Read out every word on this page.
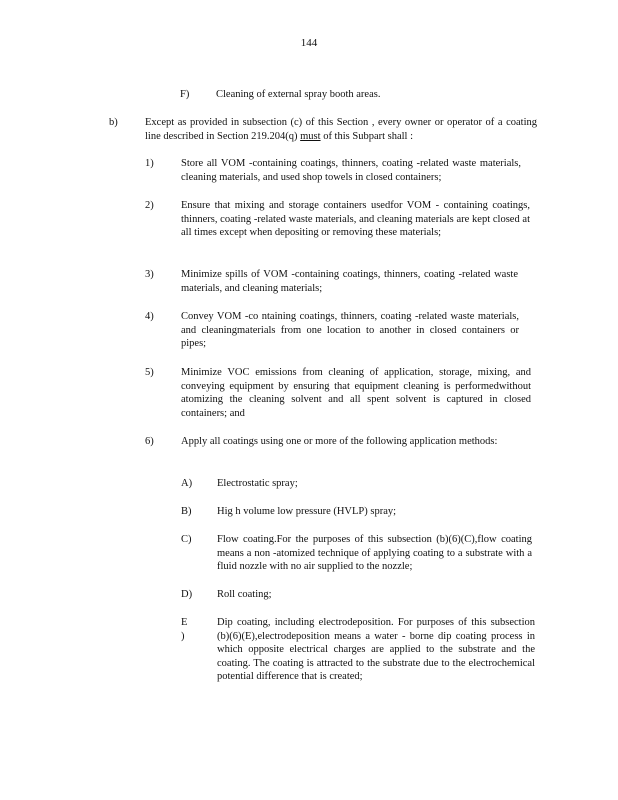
144
F)	Cleaning of external spray booth areas.
b)	Except as provided in subsection (c) of this Section , every owner or operator of a coating line described in Section 219.204(q) must of this Subpart shall :
1)	Store all VOM -containing coatings, thinners, coating -related waste materials, cleaning materials, and used shop towels in closed containers;
2)	Ensure that mixing and storage containers usedfor VOM - containing coatings, thinners, coating -related waste materials, and cleaning materials are kept closed at all times except when depositing or removing these materials;
3)	Minimize spills of VOM -containing coatings, thinners, coating -related waste materials, and cleaning materials;
4)	Convey VOM -co ntaining coatings, thinners, coating -related waste materials, and cleaningmaterials from one location to another in closed containers or pipes;
5)	Minimize VOC emissions from cleaning of application, storage, mixing, and conveying equipment by ensuring that equipment cleaning is performedwithout atomizing the cleaning solvent and all spent solvent is captured in closed containers; and
6)	Apply all coatings using one or more of the following application methods:
A) Electrostatic spray;
B) Hig h volume low pressure (HVLP) spray;
C) Flow coating.For the purposes of this subsection (b)(6)(C),flow coating means a non -atomized technique of applying coating to a substrate with a fluid nozzle with no air supplied to the nozzle;
D) Roll coating;
E )
Dip coating, including electrodeposition. For purposes of this subsection (b)(6)(E),electrodeposition means a water - borne dip coating process in which opposite electrical charges are applied to the substrate and the coating. The coating is attracted to the substrate due to the electrochemical potential difference that is created;
